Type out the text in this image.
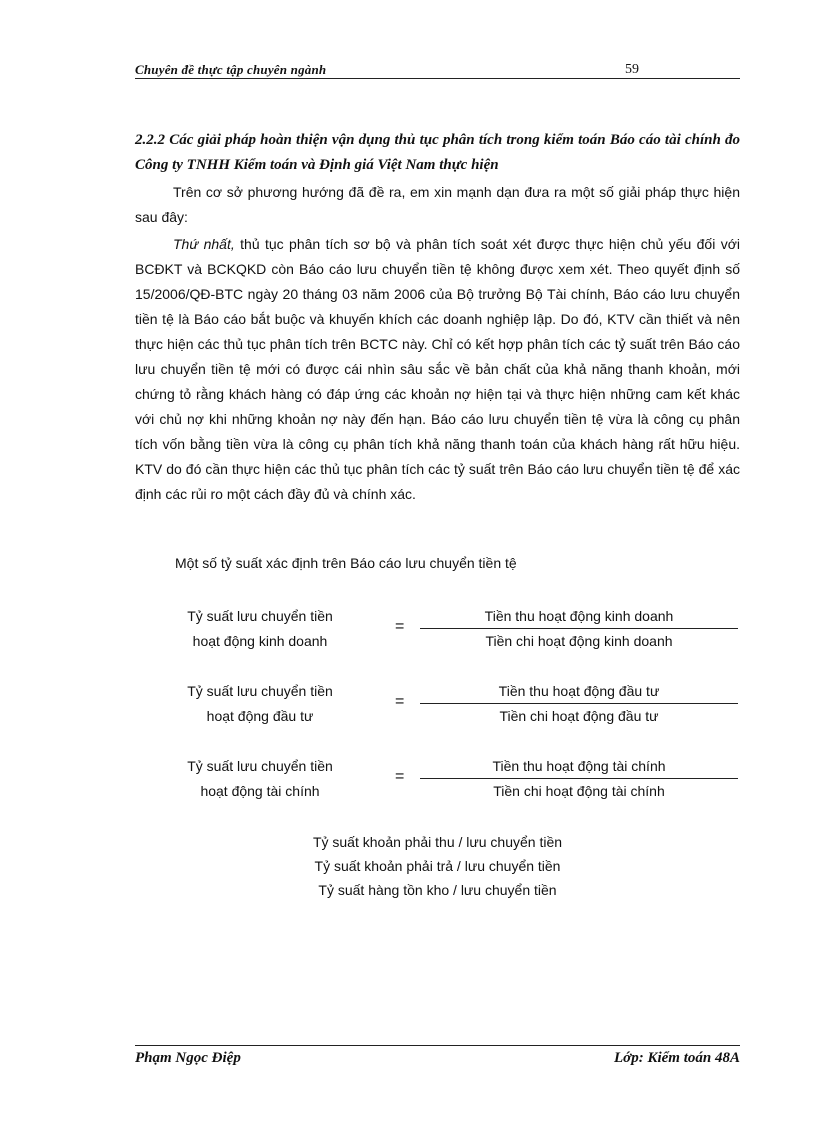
Chuyên đề thực tập chuyên ngành	59
2.2.2 Các giải pháp hoàn thiện vận dụng thủ tục phân tích trong kiểm toán Báo cáo tài chính đo Công ty TNHH Kiểm toán và Định giá Việt Nam thực hiện
Trên cơ sở phương hướng đã đề ra, em xin mạnh dạn đưa ra một số giải pháp thực hiện sau đây:
Thứ nhất, thủ tục phân tích sơ bộ và phân tích soát xét được thực hiện chủ yếu đối với BCĐKT và BCKQKD còn Báo cáo lưu chuyển tiền tệ không được xem xét. Theo quyết định số 15/2006/QĐ-BTC ngày 20 tháng 03 năm 2006 của Bộ trưởng Bộ Tài chính, Báo cáo lưu chuyển tiền tệ là Báo cáo bắt buộc và khuyến khích các doanh nghiệp lập. Do đó, KTV cần thiết và nên thực hiện các thủ tục phân tích trên BCTC này. Chỉ có kết hợp phân tích các tỷ suất trên Báo cáo lưu chuyển tiền tệ mới có được cái nhìn sâu sắc về bản chất của khả năng thanh khoản, mới chứng tỏ rằng khách hàng có đáp ứng các khoản nợ hiện tại và thực hiện những cam kết khác với chủ nợ khi những khoản nợ này đến hạn. Báo cáo lưu chuyển tiền tệ vừa là công cụ phân tích vốn bằng tiền vừa là công cụ phân tích khả năng thanh toán của khách hàng rất hữu hiệu. KTV do đó cần thực hiện các thủ tục phân tích các tỷ suất trên Báo cáo lưu chuyển tiền tệ để xác định các rủi ro một cách đầy đủ và chính xác.
Một số tỷ suất xác định trên Báo cáo lưu chuyển tiền tệ
Tỷ suất lưu chuyển tiền
hoạt động kinh doanh
=
Tiền thu hoạt động kinh doanh
Tiền chi hoạt động kinh doanh
Tỷ suất lưu chuyển tiền
hoạt động đầu tư
=
Tiền thu hoạt động đầu tư
Tiền chi hoạt động đầu tư
Tỷ suất lưu chuyển tiền
hoạt động tài chính
=
Tiền thu hoạt động tài chính
Tiền chi hoạt động tài chính
Tỷ suất khoản phải thu / lưu chuyển tiền
Tỷ suất khoản phải trả / lưu chuyển tiền
Tỷ suất hàng tồn kho / lưu chuyển tiền
Phạm Ngọc Điệp	Lớp: Kiểm toán 48A
